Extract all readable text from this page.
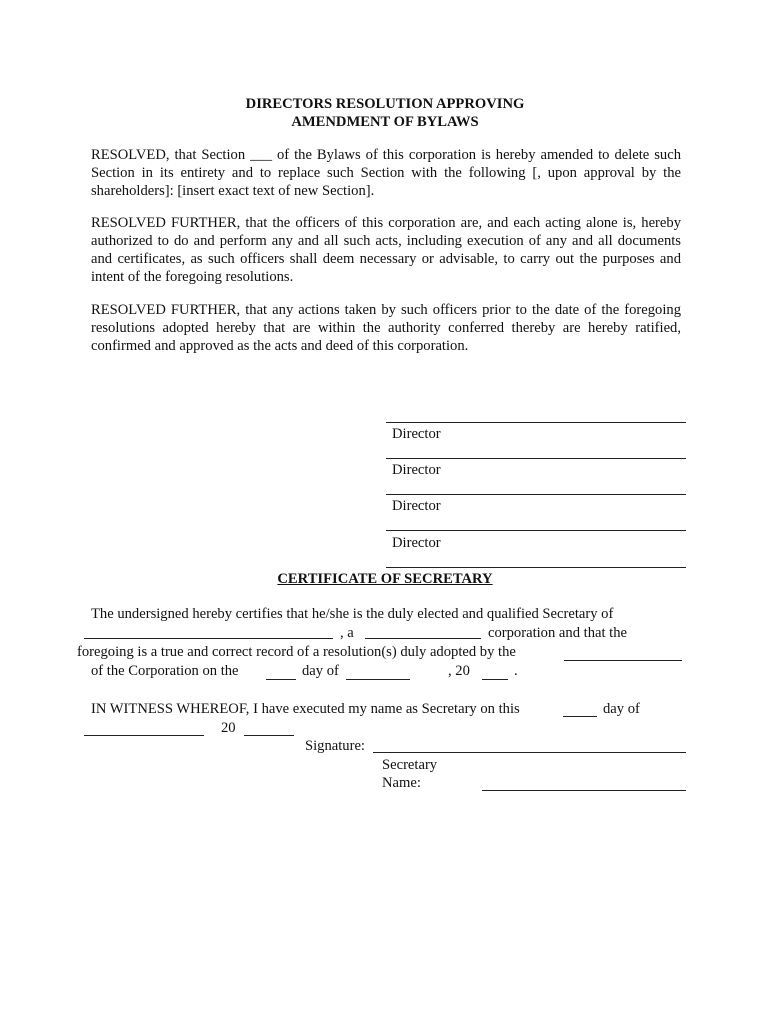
DIRECTORS RESOLUTION APPROVING
AMENDMENT OF BYLAWS
RESOLVED, that Section ___ of the Bylaws of this corporation is hereby amended to delete such Section in its entirety and to replace such Section with the following [, upon approval by the shareholders]: [insert exact text of new Section].
RESOLVED FURTHER, that the officers of this corporation are, and each acting alone is, hereby authorized to do and perform any and all such acts, including execution of any and all documents and certificates, as such officers shall deem necessary or advisable, to carry out the purposes and intent of the foregoing resolutions.
RESOLVED FURTHER, that any actions taken by such officers prior to the date of the foregoing resolutions adopted hereby that are within the authority conferred thereby are hereby ratified, confirmed and approved as the acts and deed of this corporation.
Director
Director
Director
Director
CERTIFICATE OF SECRETARY
The undersigned hereby certifies that he/she is the duly elected and qualified Secretary of
, a	corporation and that the
foregoing is a true and correct record of a resolution(s) duly adopted by the
of the Corporation on the	day of	, 20	.
IN WITNESS WHEREOF, I have executed my name as Secretary on this	day of
20
Signature:
Secretary
Name:
